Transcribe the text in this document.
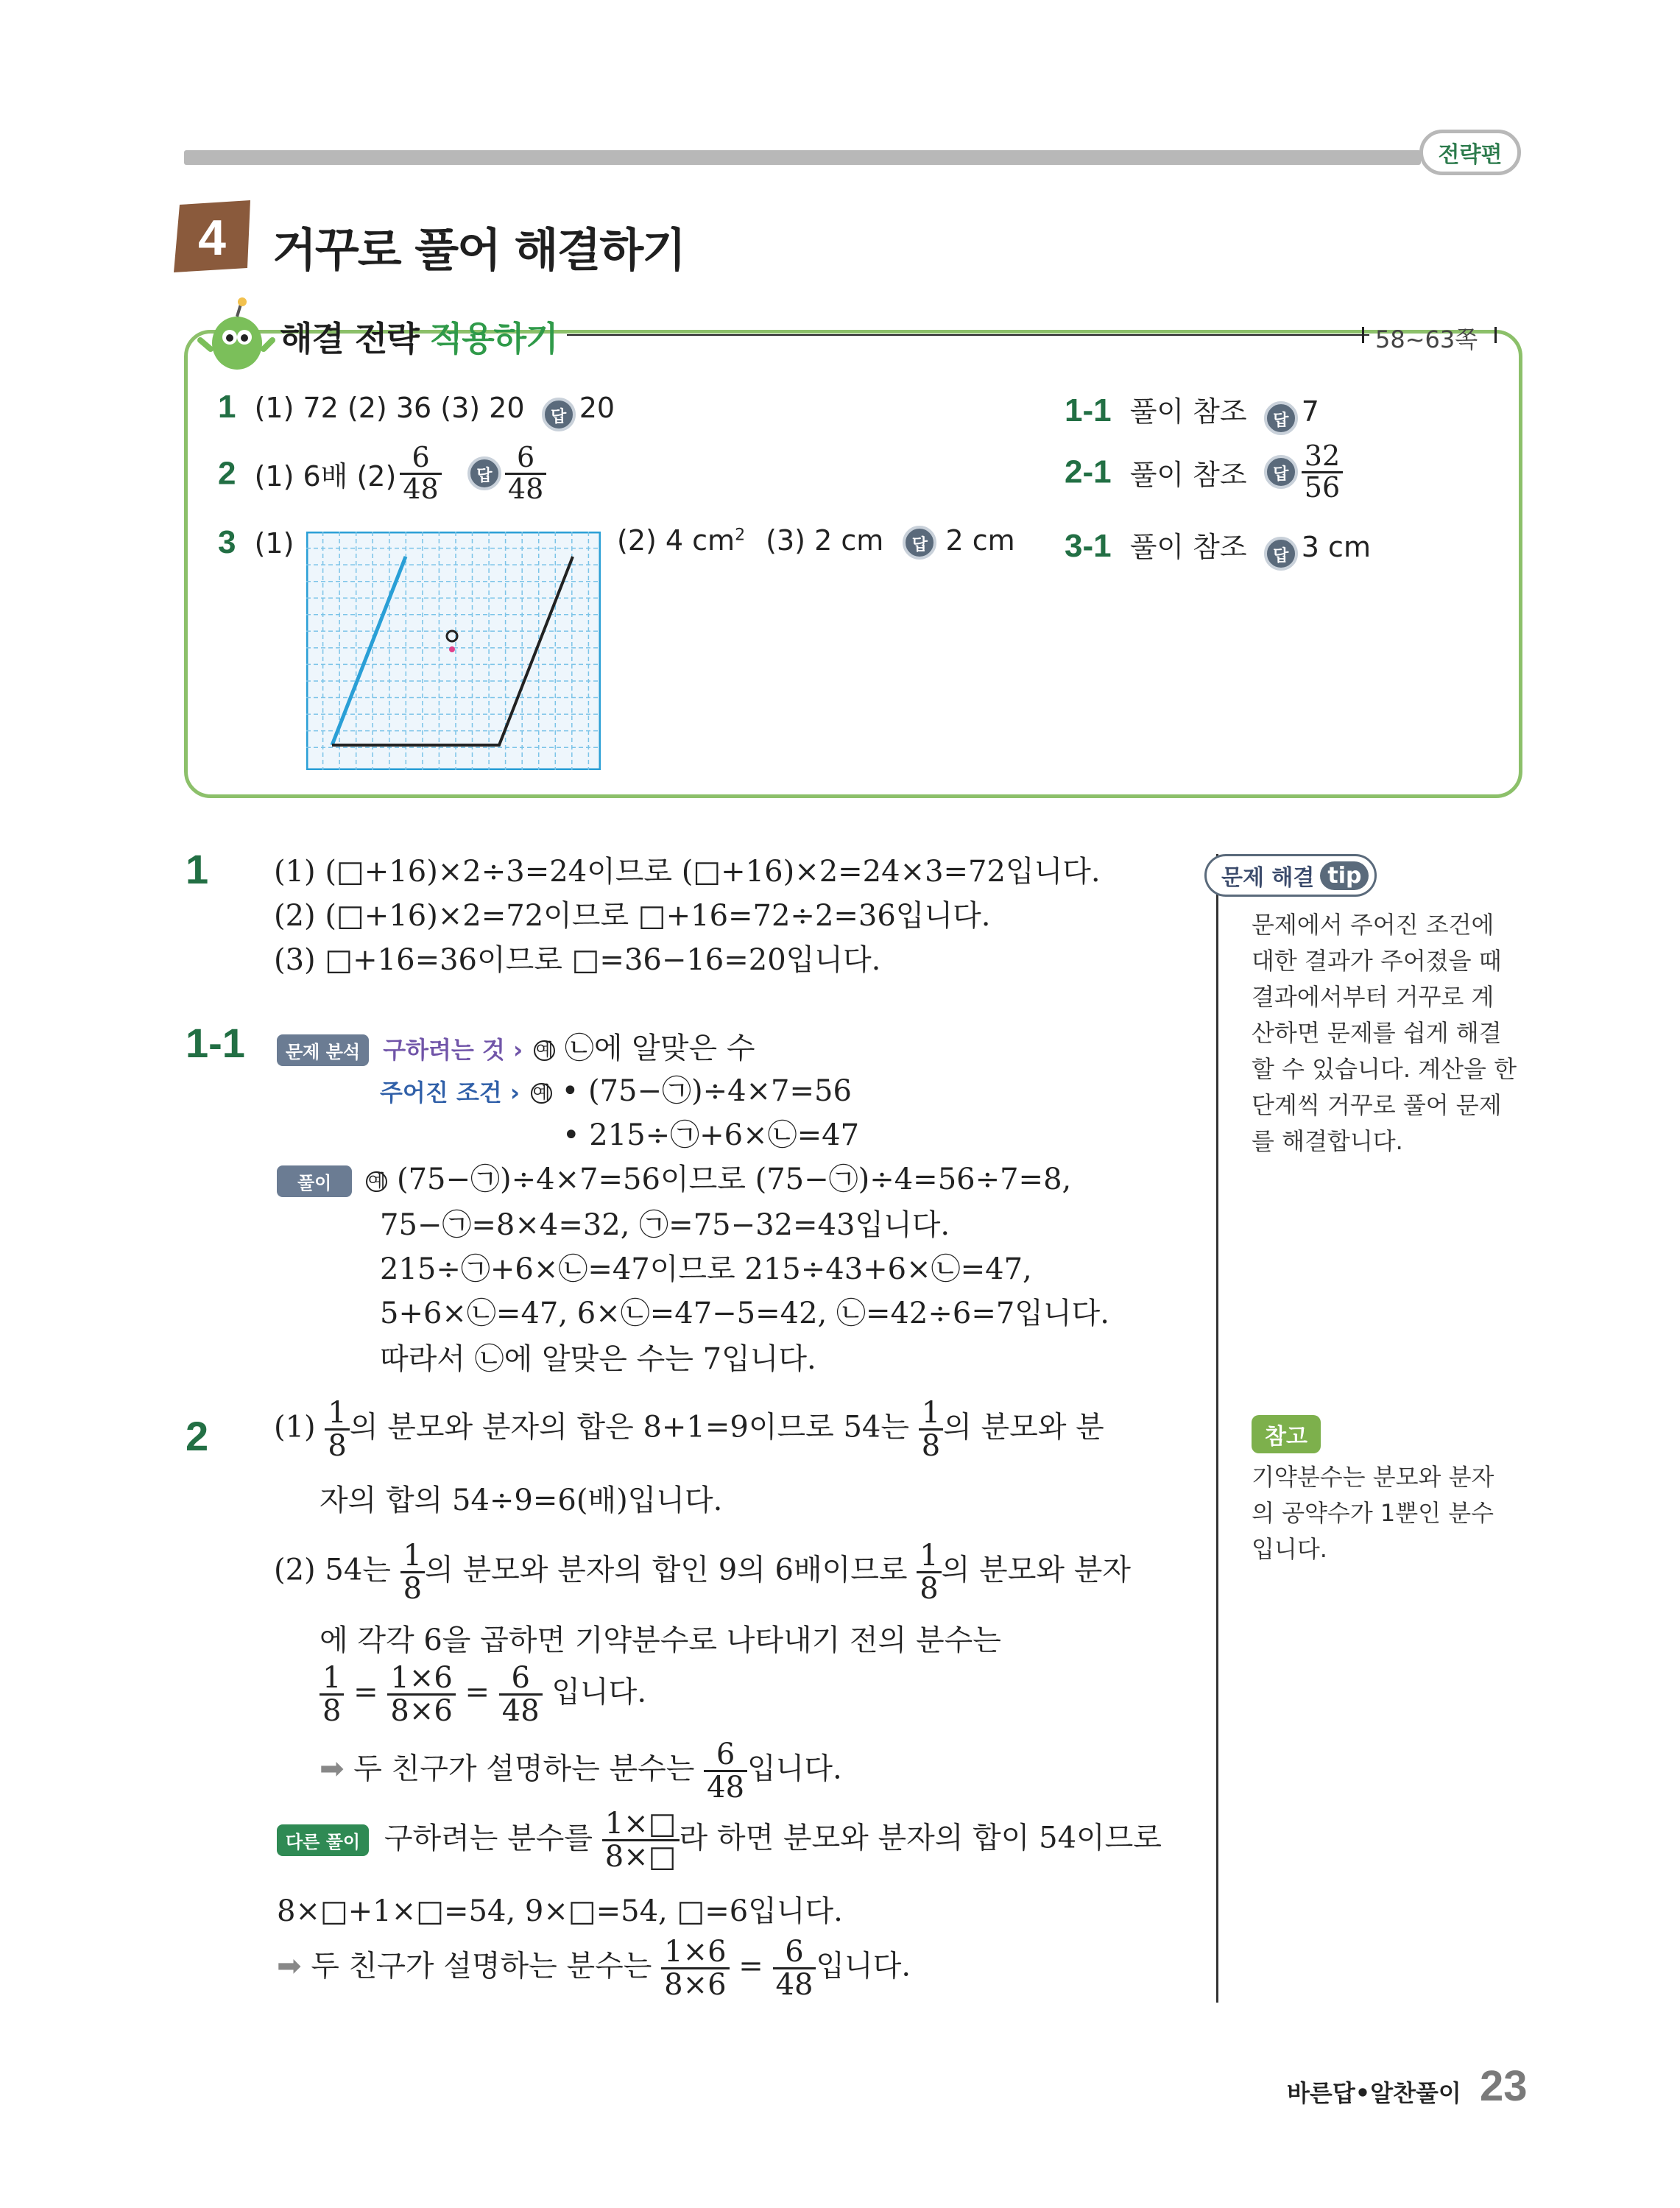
전략편
4 거꾸로 풀어 해결하기
해결 전략 적용하기	58~63쪽
1 (1) 72 (2) 36 (3) 20 답 20
2 (1) 6배 $(2) \frac{6}{48}$ 답 $\frac{6}{48}$
3 (1)	(2) 4 $cm^2$ (3) 2 cm 답 2 cm
1-1 풀이 참조 답 7
2-1 풀이 참조 답 $\frac{32}{56}$
3-1 풀이 참조 답 3 cm
1 (1) (□+16)×2÷3=24이므로 (□+16)×2=24×3=72입니다.
(2) (□+16)×2=72이므로 □+16=72÷2=36입니다.
(3) □+16=36이므로 □=36−16=20입니다.
1-1	문제 분석 구하려는 것 › 예 ㉡에 알맞은 수
주어진 조건 › 예 • (75−㉠)÷4×7=56
• 215÷㉠+6×㉡=47
풀이 예 (75−㉠)÷4×7=56이므로 (75−㉠)÷4=56÷7=8,
75−㉠=8×4=32, ㉠=75−32=43입니다.
215÷㉠+6×㉡=47이므로 215÷43+6×㉡=47,
5+6×㉡=47, 6×㉡=47−5=42, ㉡=42÷6=7입니다.
따라서 ㉡에 알맞은 수는 7입니다.
2 $(1) \frac{1}{8}$ 의 분모와 분자의 합은 8+1=9이므로 54는 $\frac{1}{8}$ 의 분모와 분
자의 합의 54÷9=6(배)입니다.
(2) 54는 $\frac{1}{8}$ 의 분모와 분자의 합인 9의 6배이므로 $\frac{1}{8}$ 의 분모와 분자
에 각각 6을 곱하면 기약분수로 나타내기 전의 분수는
$\frac{1}{8} = \frac{1\times 6}{8\times 6} = \frac{6}{48}$ 입니다.
➡ 두 친구가 설명하는 분수는 $\frac{6}{48}$ 입니다.
다른 풀이 구하려는 분수를 $\frac{1\times□}{8\times□}$ 라 하면 분모와 분자의 합이 54이므로
8×□+1×□=54, 9×□=54, □=6입니다.
➡ 두 친구가 설명하는 분수는 $\frac{1\times 6}{8\times 6} = \frac{6}{48}$ 입니다.
문제 해결 tip
문제에서 주어진 조건에
대한 결과가 주어졌을 때
결과에서부터 거꾸로 계
산하면 문제를 쉽게 해결
할 수 있습니다. 계산을 한
단계씩 거꾸로 풀어 문제
를 해결합니다.
참고
기약분수는 분모와 분자
의 공약수가 1뿐인 분수
입니다.
바른답•알찬풀이 23
